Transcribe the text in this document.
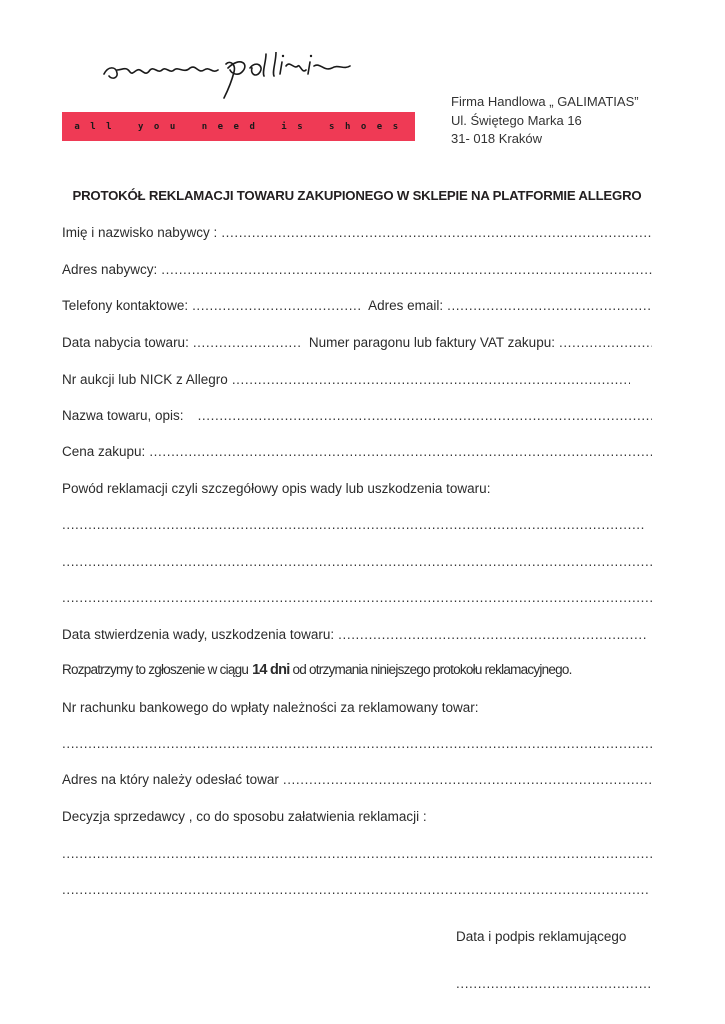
all you need is shoes
Firma Handlowa „ GALIMATIAS”
Ul. Świętego Marka 16
31- 018 Kraków
PROTOKÓŁ REKLAMACJI TOWARU ZAKUPIONEGO W SKLEPIE NA PLATFORMIE ALLEGRO
Imię i nazwisko nabywcy :
.....
Adres nabywcy:
.....
Telefony kontaktowe: .....	Adres email:
.....
Data nabycia towaru: .....	Numer paragonu lub faktury VAT zakupu:
.....
Nr aukcji lub NICK z Allegro
.....
Nazwa towaru, opis:
.....
Cena zakupu:
.....
Powód reklamacji czyli szczegółowy opis wady lub uszkodzenia towaru:
.....
.....
.....
Data stwierdzenia wady, uszkodzenia towaru:
.....
Rozpatrzymy to zgłoszenie w ciągu 14 dni od otrzymania niniejszego protokołu reklamacyjnego.
Nr rachunku bankowego do wpłaty należności za reklamowany towar:
.....
Adres na który należy odesłać towar
.....
Decyzja sprzedawcy , co do sposobu załatwienia reklamacji :
.....
.....
Data i podpis reklamującego
.....
